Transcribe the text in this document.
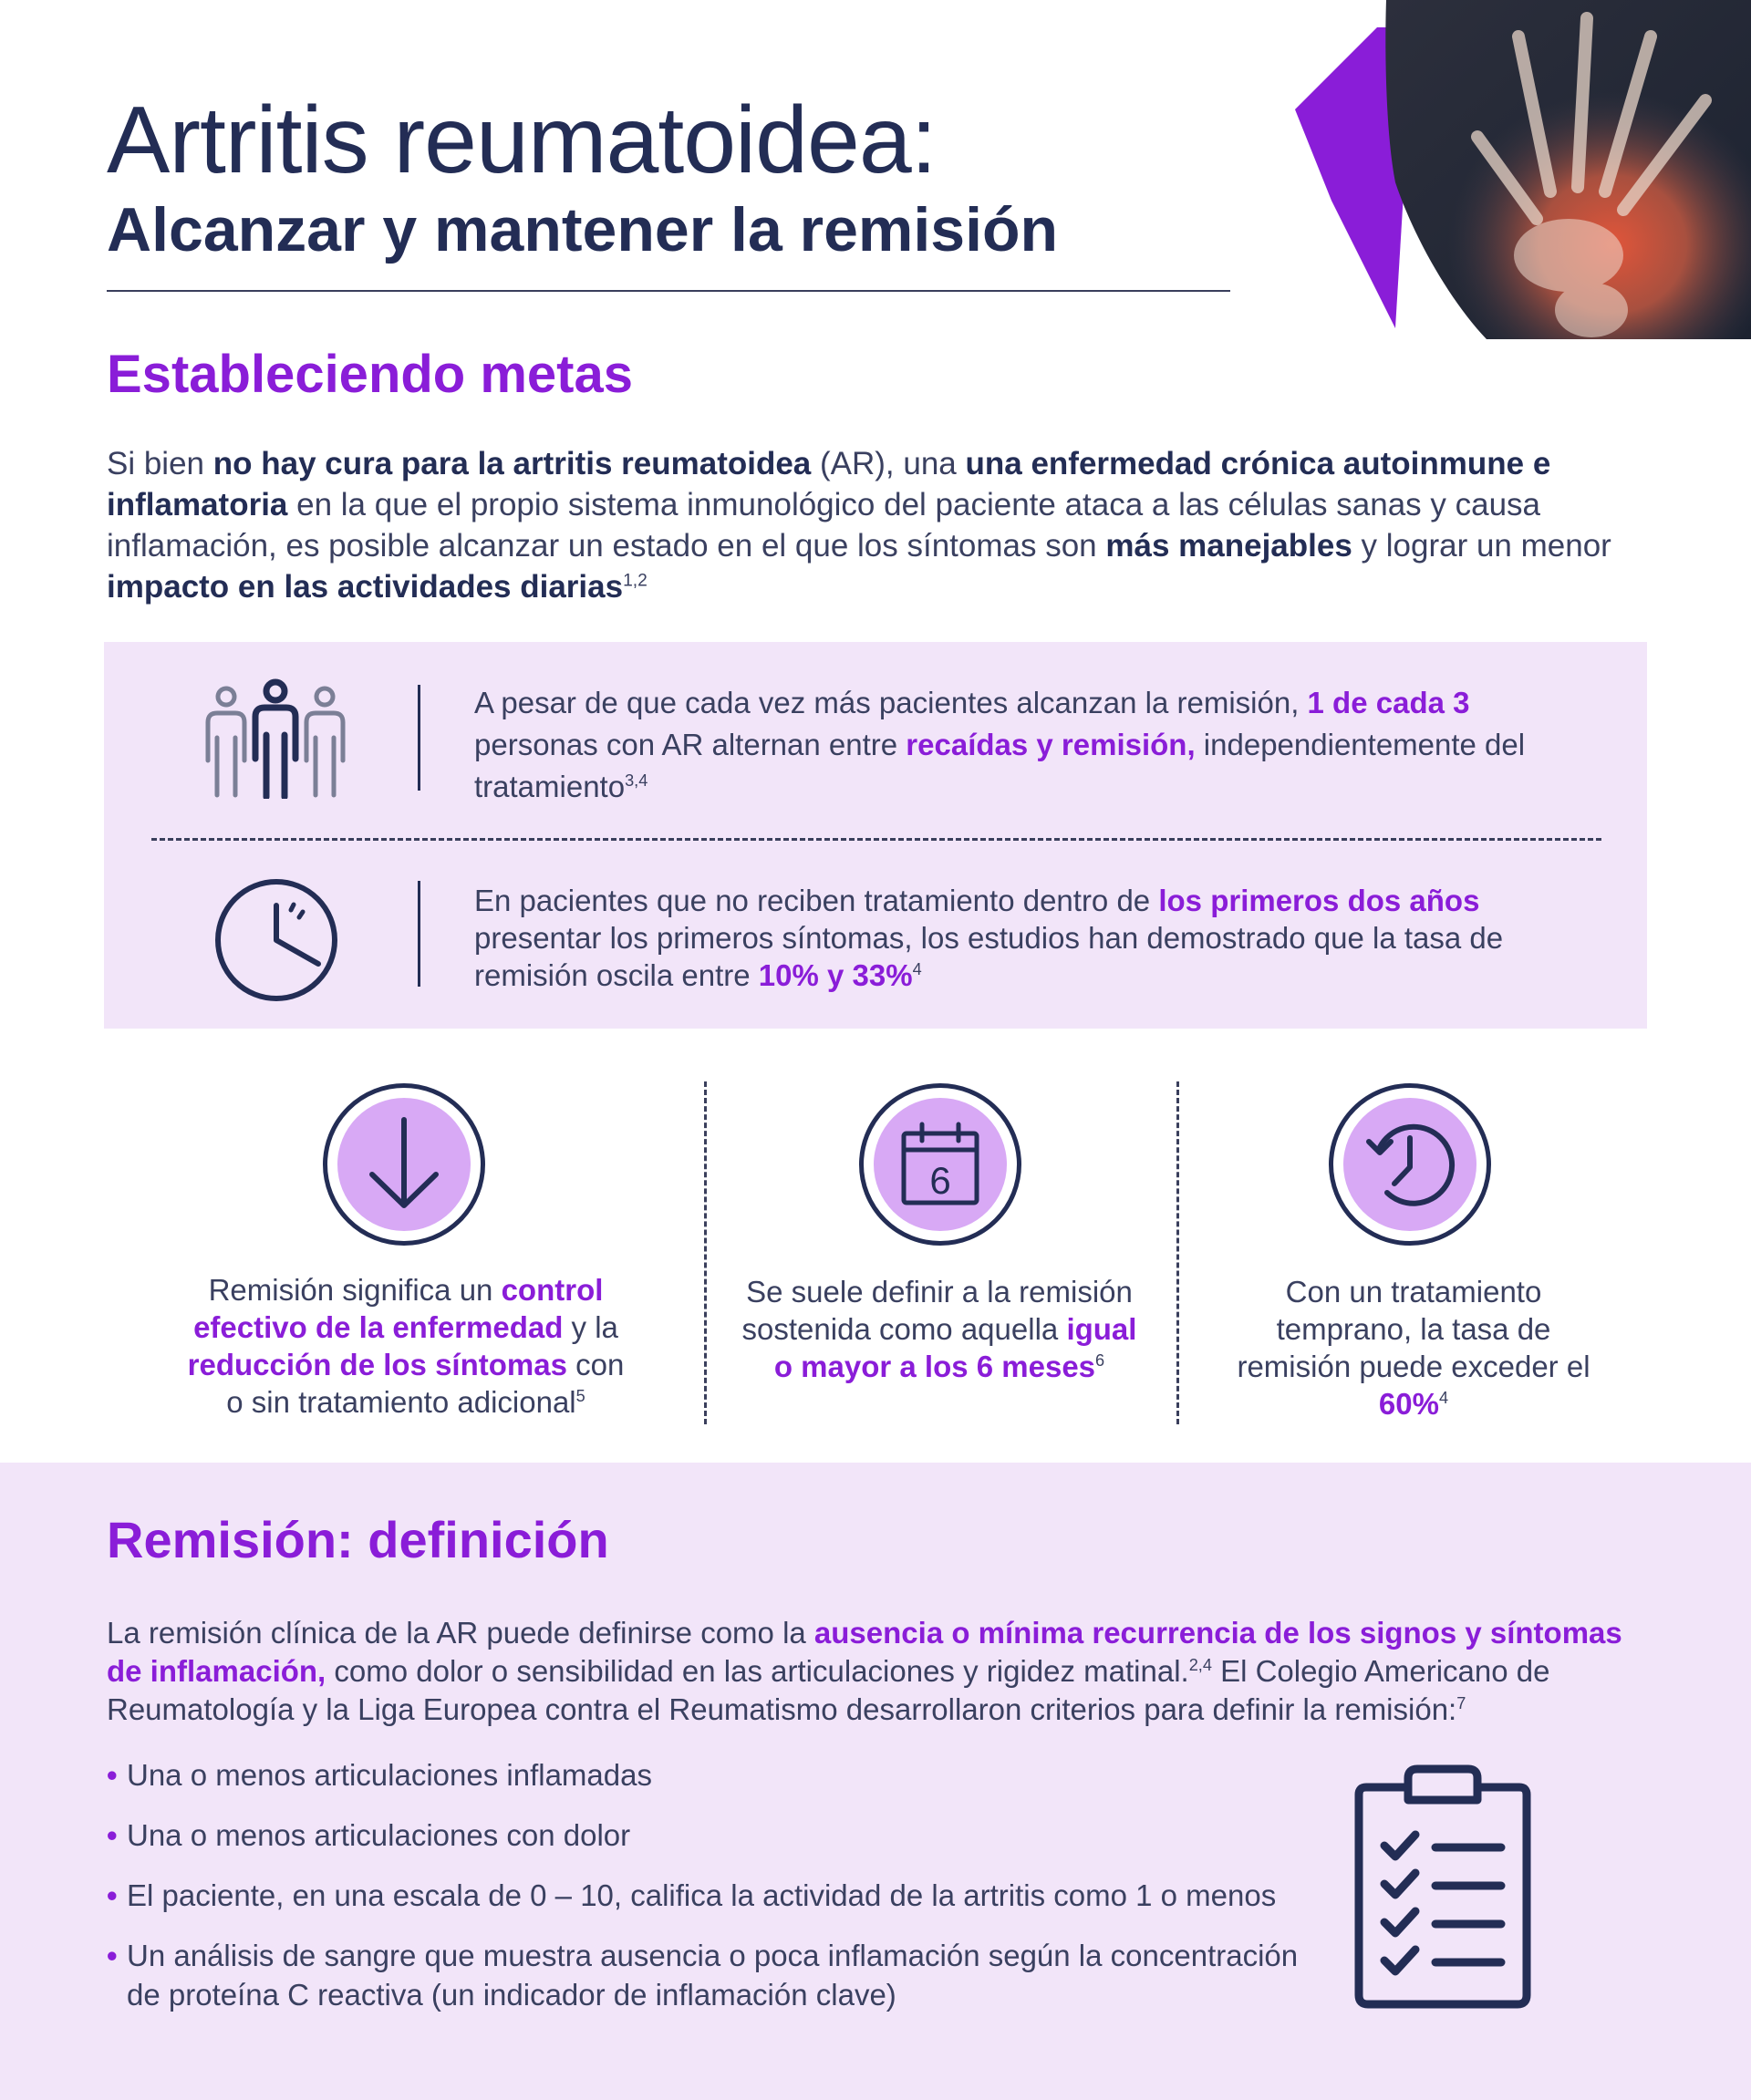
Artritis reumatoidea:
Alcanzar y mantener la remisión
Estableciendo metas

Si bien no hay cura para la artritis reumatoidea (AR), una una enfermedad crónica autoinmune e inflamatoria en la que el propio sistema inmunológico del paciente ataca a las células sanas y causa inflamación, es posible alcanzar un estado en el que los síntomas son más manejables y lograr un menor impacto en las actividades diarias$^{1,2}$

A pesar de que cada vez más pacientes alcanzan la remisión, 1 de cada 3 personas con AR alternan entre recaídas y remisión, independientemente del tratamiento$^{3,4}$

En pacientes que no reciben tratamiento dentro de los primeros dos años presentar los primeros síntomas, los estudios han demostrado que la tasa de remisión oscila entre 10% y 33%$^4$

Remisión significa un control efectivo de la enfermedad y la reducción de los síntomas con o sin tratamiento adicional$^5$

6

Se suele definir a la remisión sostenida como aquella igual o mayor a los 6 meses$^6$

Con un tratamiento temprano, la tasa de remisión puede exceder el 60%$^4$

Remisión: definición

La remisión clínica de la AR puede definirse como la ausencia o mínima recurrencia de los signos y síntomas de inflamación, como dolor o sensibilidad en las articulaciones y rigidez matinal.$^{2,4}$ El Colegio Americano de Reumatología y la Liga Europea contra el Reumatismo desarrollaron criterios para definir la remisión:$^7$

• Una o menos articulaciones inflamadas
• Una o menos articulaciones con dolor
• El paciente, en una escala de 0 – 10, califica la actividad de la artritis como 1 o menos
• Un análisis de sangre que muestra ausencia o poca inflamación según la concentración de proteína C reactiva (un indicador de inflamación clave)
